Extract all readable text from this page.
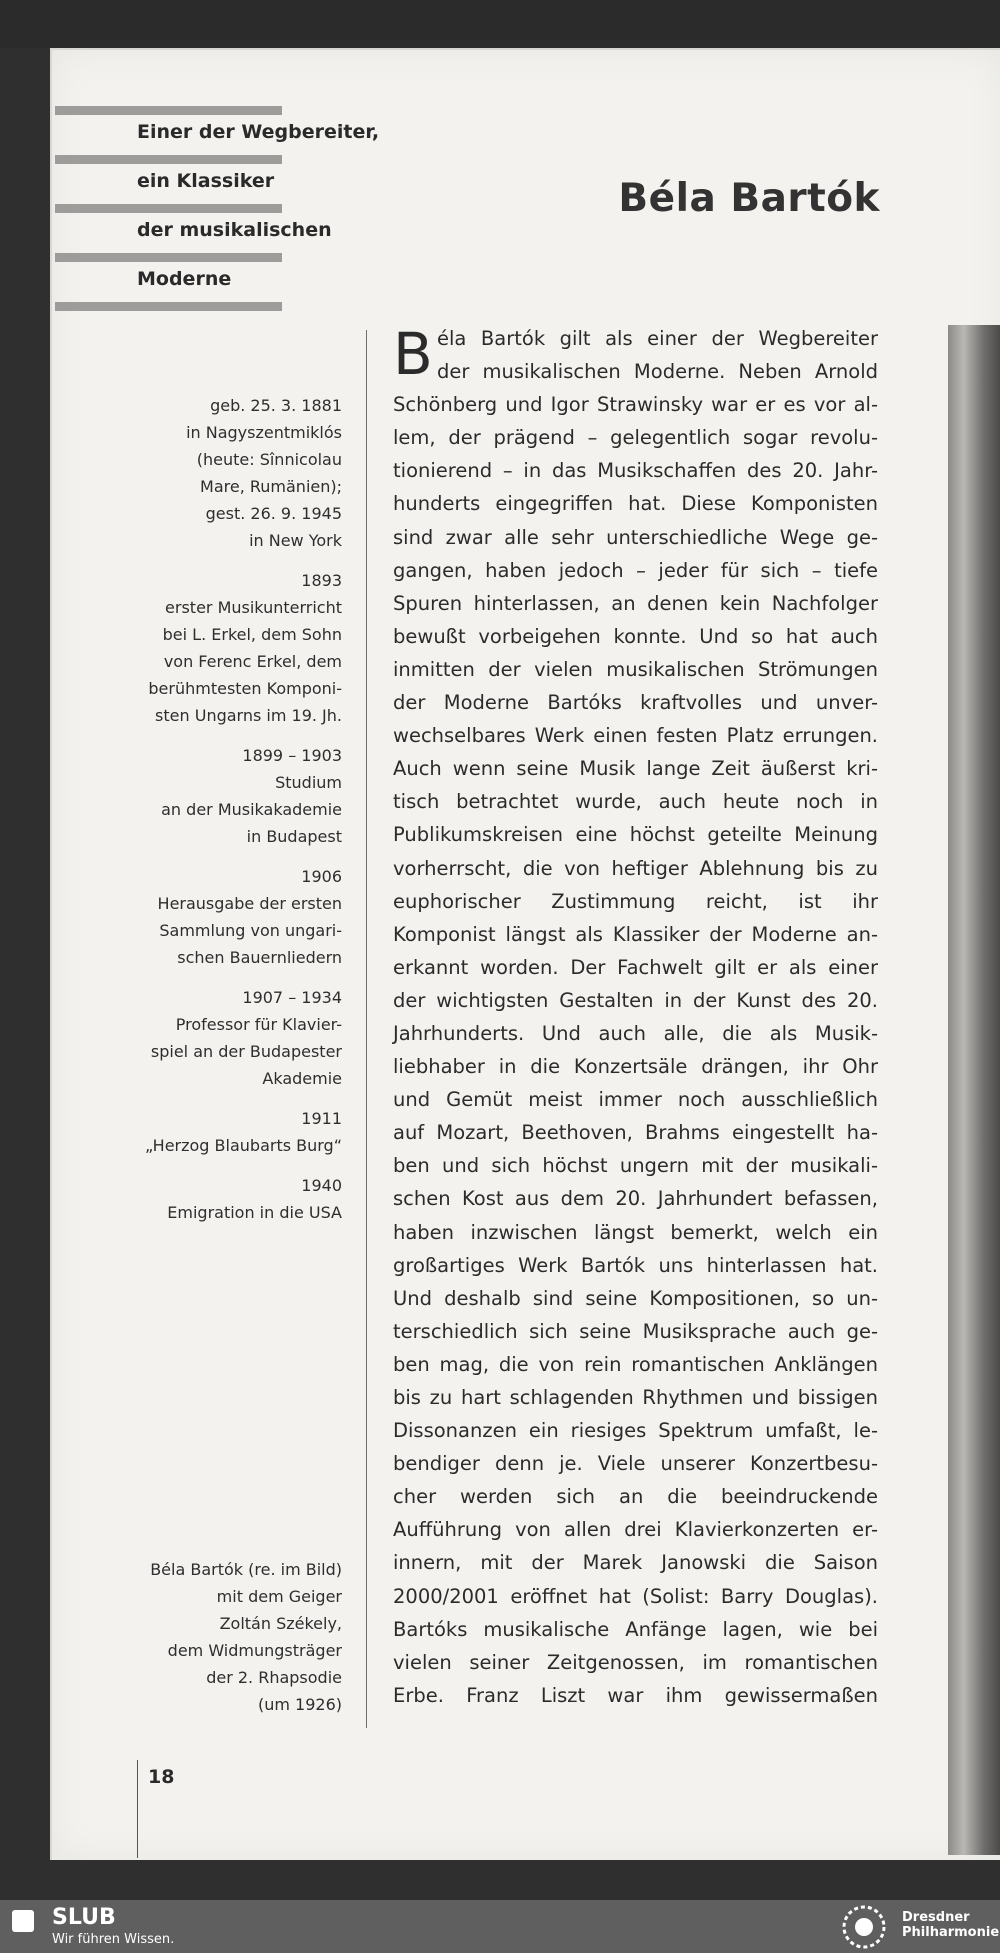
Einer der Wegbereiter,
ein Klassiker
der musikalischen
Moderne
Béla Bartók
geb. 25. 3. 1881
in Nagyszentmiklós
(heute: Sînnicolau
Mare, Rumänien);
gest. 26. 9. 1945
in New York
1893
erster Musikunterricht
bei L. Erkel, dem Sohn
von Ferenc Erkel, dem
berühmtesten Komponi-
sten Ungarns im 19. Jh.
1899 – 1903
Studium
an der Musikakademie
in Budapest
1906
Herausgabe der ersten
Sammlung von ungari-
schen Bauernliedern
1907 – 1934
Professor für Klavier-
spiel an der Budapester
Akademie
1911
„Herzog Blaubarts Burg“
1940
Emigration in die USA
Béla Bartók (re. im Bild)
mit dem Geiger
Zoltán Székely,
dem Widmungsträger
der 2. Rhapsodie
(um 1926)
B éla Bartók gilt als einer der Wegbereiter
der musikalischen Moderne. Neben Arnold
Schönberg und Igor Strawinsky war er es vor al-
lem, der prägend – gelegentlich sogar revolu-
tionierend – in das Musikschaffen des 20. Jahr-
hunderts eingegriffen hat. Diese Komponisten
sind zwar alle sehr unterschiedliche Wege ge-
gangen, haben jedoch – jeder für sich – tiefe
Spuren hinterlassen, an denen kein Nachfolger
bewußt vorbeigehen konnte. Und so hat auch
inmitten der vielen musikalischen Strömungen
der Moderne Bartóks kraftvolles und unver-
wechselbares Werk einen festen Platz errungen.
Auch wenn seine Musik lange Zeit äußerst kri-
tisch betrachtet wurde, auch heute noch in
Publikumskreisen eine höchst geteilte Meinung
vorherrscht, die von heftiger Ablehnung bis zu
euphorischer Zustimmung reicht, ist ihr
Komponist längst als Klassiker der Moderne an-
erkannt worden. Der Fachwelt gilt er als einer
der wichtigsten Gestalten in der Kunst des 20.
Jahrhunderts. Und auch alle, die als Musik-
liebhaber in die Konzertsäle drängen, ihr Ohr
und Gemüt meist immer noch ausschließlich
auf Mozart, Beethoven, Brahms eingestellt ha-
ben und sich höchst ungern mit der musikali-
schen Kost aus dem 20. Jahrhundert befassen,
haben inzwischen längst bemerkt, welch ein
großartiges Werk Bartók uns hinterlassen hat.
Und deshalb sind seine Kompositionen, so un-
terschiedlich sich seine Musiksprache auch ge-
ben mag, die von rein romantischen Anklängen
bis zu hart schlagenden Rhythmen und bissigen
Dissonanzen ein riesiges Spektrum umfaßt, le-
bendiger denn je. Viele unserer Konzertbesu-
cher werden sich an die beeindruckende
Aufführung von allen drei Klavierkonzerten er-
innern, mit der Marek Janowski die Saison
2000/2001 eröffnet hat (Solist: Barry Douglas).
Bartóks musikalische Anfänge lagen, wie bei
vielen seiner Zeitgenossen, im romantischen
Erbe. Franz Liszt war ihm gewissermaßen
18
SLUB
Wir führen Wissen.
Dresdner
Philharmonie
